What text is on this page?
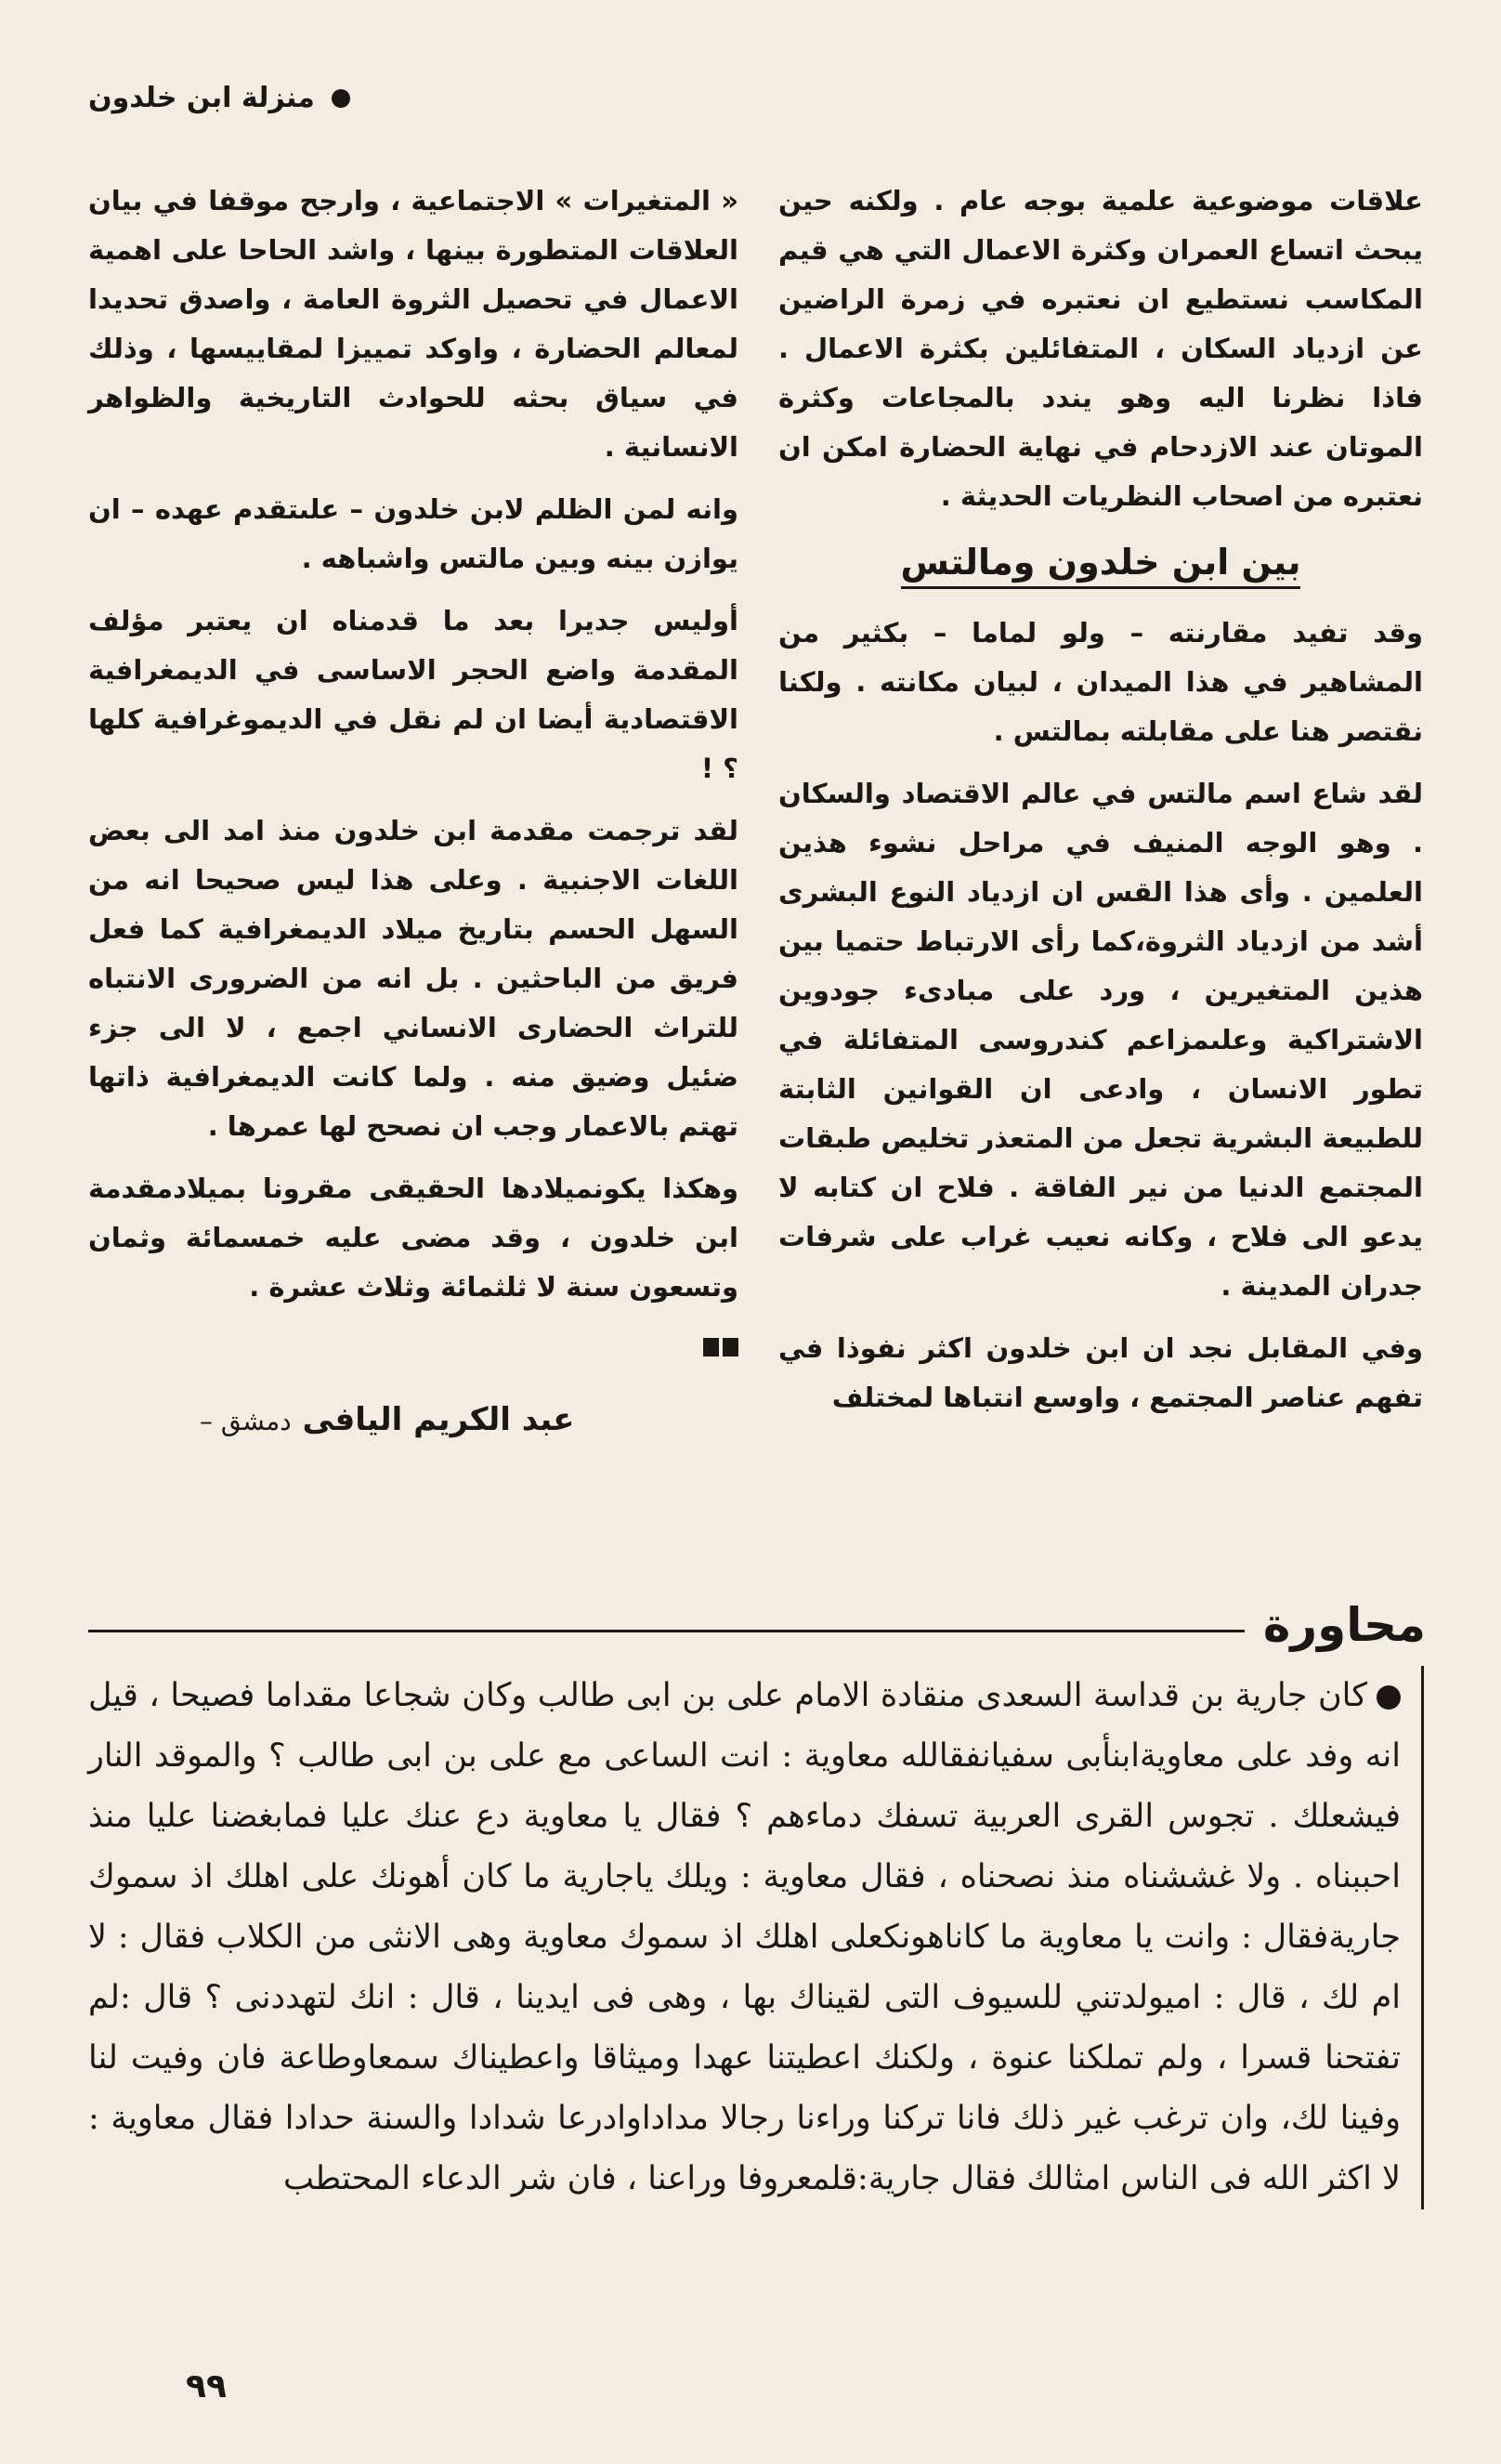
منزلة ابن خلدون

علاقات موضوعية علمية بوجه عام . ولكنه حين يبحث اتساع العمران وكثرة الاعمال التي هي قيم المكاسب نستطيع ان نعتبره في زمرة الراضين عن ازدياد السكان ، المتفائلين بكثرة الاعمال . فاذا نظرنا اليه وهو يندد بالمجاعات وكثرة الموتان عند الازدحام في نهاية الحضارة امكن ان نعتبره من اصحاب النظريات الحديثة .

بين ابن خلدون ومالتس

وقد تفيد مقارنته – ولو لماما – بكثير من المشاهير في هذا الميدان ، لبيان مكانته . ولكنا نقتصر هنا على مقابلته بمالتس .

لقد شاع اسم مالتس في عالم الاقتصاد والسكان . وهو الوجه المنيف في مراحل نشوء هذين العلمين . وأى هذا القس ان ازدياد النوع البشرى أشد من ازدياد الثروة،كما رأى الارتباط حتميا بين هذين المتغيرين ، ورد على مبادىء جودوين الاشتراكية وعلىمزاعم كندروسى المتفائلة في تطور الانسان ، وادعى ان القوانين الثابتة للطبيعة البشرية تجعل من المتعذر تخليص طبقات المجتمع الدنيا من نير الفاقة . فلاح ان كتابه لا يدعو الى فلاح ، وكانه نعيب غراب على شرفات جدران المدينة .

وفي المقابل نجد ان ابن خلدون اكثر نفوذا في تفهم عناصر المجتمع ، واوسع انتباها لمختلف

« المتغيرات » الاجتماعية ، وارجح موقفا في بيان العلاقات المتطورة بينها ، واشد الحاحا على اهمية الاعمال في تحصيل الثروة العامة ، واصدق تحديدا لمعالم الحضارة ، واوكد تمييزا لمقاييسها ، وذلك في سياق بحثه للحوادث التاريخية والظواهر الانسانية .

وانه لمن الظلم لابن خلدون – علىتقدم عهده – ان يوازن بينه وبين مالتس واشباهه .

أوليس جديرا بعد ما قدمناه ان يعتبر مؤلف المقدمة واضع الحجر الاساسى في الديمغرافية الاقتصادية أيضا ان لم نقل في الديموغرافية كلها ؟ !

لقد ترجمت مقدمة ابن خلدون منذ امد الى بعض اللغات الاجنبية . وعلى هذا ليس صحيحا انه من السهل الحسم بتاريخ ميلاد الديمغرافية كما فعل فريق من الباحثين . بل انه من الضرورى الانتباه للتراث الحضارى الانساني اجمع ، لا الى جزء ضئيل وضيق منه . ولما كانت الديمغرافية ذاتها تهتم بالاعمار وجب ان نصحح لها عمرها .

وهكذا يكونميلادها الحقيقى مقرونا بميلادمقدمة ابن خلدون ، وقد مضى عليه خمسمائة وثمان وتسعون سنة لا ثلثمائة وثلاث عشرة .

عبد الكريم اليافى دمشق –
محاورة
كان جارية بن قداسة السعدى منقادة الامام على بن ابى طالب وكان شجاعا مقداما فصيحا ، قيل انه وفد على معاويةابنأبى سفيانفقالله معاوية : انت الساعى مع على بن ابى طالب ؟ والموقد النار فيشعلك . تجوس القرى العربية تسفك دماءهم ؟ فقال يا معاوية دع عنك عليا فمابغضنا عليا منذ احببناه . ولا غششناه منذ نصحناه ، فقال معاوية : ويلك ياجارية ما كان أهونك على اهلك اذ سموك جاريةفقال : وانت يا معاوية ما كاناهونكعلى اهلك اذ سموك معاوية وهى الانثى من الكلاب فقال : لا ام لك ، قال : اميولدتني للسيوف التى لقيناك بها ، وهى فى ايدينا ، قال : انك لتهددنى ؟ قال :لم تفتحنا قسرا ، ولم تملكنا عنوة ، ولكنك اعطيتنا عهدا وميثاقا واعطيناك سمعاوطاعة فان وفيت لنا وفينا لك، وان ترغب غير ذلك فانا تركنا وراءنا رجالا مداداوادرعا شدادا والسنة حدادا فقال معاوية : لا اكثر الله فى الناس امثالك فقال جارية:قلمعروفا وراعنا ، فان شر الدعاء المحتطب
٩٩
